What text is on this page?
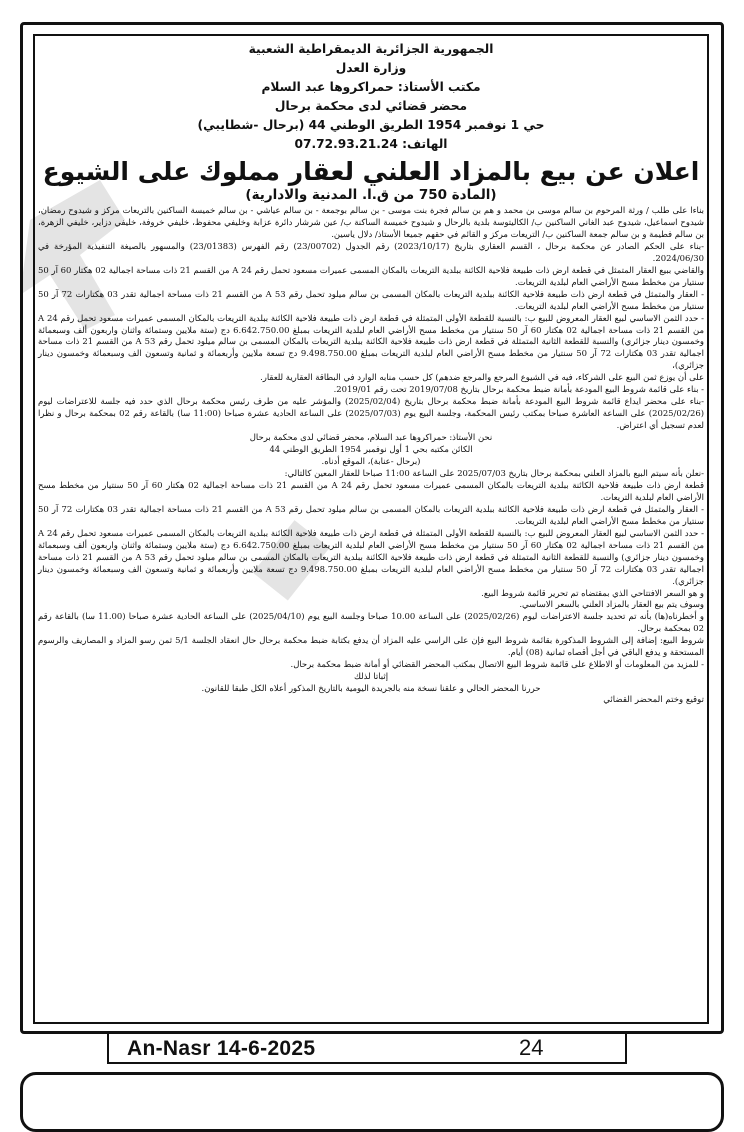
الجمهورية الجزائرية الديمقراطية الشعبية
وزارة العدل
مكتب الأستاذ: حمراكروها عبد السلام
محضر قضائي لدى محكمة برحال
حي 1 نوفمبر 1954 الطريق الوطني 44 (برحال -شطايبي)
الهاتف: 07.72.93.21.24
اعلان عن بيع بالمزاد العلني لعقار مملوك على الشيوع
(المادة 750 من ق.ا. المدنية والادارية)

بناءا على طلب / ورثة المرحوم بن سالم موسى بن محمد و هم بن سالم فجرة بنت موسى - بن سالم بوجمعة - بن سالم عياشي - بن سالم خميسة الساكنين بالتريعات مركز و شيدوح رمضان، شيدوح اسماعيل، شيدوح عبد الغاني الساكنين ب/ الكاليتوسة بلدية بالرحال و شيدوح خميسة الساكنة ب/ عين شرشار دائرة عزابة وخليفي محفوظ، خليفي خروفة، خليفي دزاير، خليفي الزهرة، بن سالم فطيمة و بن سالم جمعة الساكنين ب/ التريعات مركز و القائم في حقهم جميعا الأستاذ/ دلال ياسين.

-بناء على الحكم الصادر عن محكمة برحال ، القسم العقاري بتاريخ (2023/10/17) رقم الجدول (23/00702) رقم الفهرس (23/01383) والمسهور بالصيغة التنفيذية المؤرخة في 2024/06/30.

والقاضي ببيع العقار المتمثل في قطعة ارض ذات طبيعة فلاحية الكائنة ببلدية التريعات بالمكان المسمى عميرات مسعود تحمل رقم A 24 من القسم 21 ذات مساحة اجمالية 02 هكتار 60 آر 50 سنتيار من مخطط مسح الأراضي العام لبلدية التريعات.

- العقار والمتمثل في قطعة ارض ذات طبيعة فلاحية الكائنة ببلدية التريعات بالمكان المسمى بن سالم ميلود تحمل رقم A 53 من القسم 21 ذات مساحة اجمالية تقدر 03 هكتارات 72 آر 50 سنتيار من مخطط مسح الأراضي العام لبلدية التريعات.

- حدد الثمن الاساسي لبيع العقار المعروض للبيع ب: بالنسبة للقطعة الأولى المتمثلة في قطعة ارض ذات طبيعة فلاحية الكائنة ببلدية التريعات بالمكان المسمى عميرات مسعود تحمل رقم A 24 من القسم 21 ذات مساحة اجمالية 02 هكتار 60 آر 50 سنتيار من مخطط مسح الأراضي العام لبلدية التريعات بمبلغ 6.642.750.00 دج (ستة ملايين وستمائة واثنان واربعون ألف وسبعمائة وخمسون دينار جزائري) والنسبة للقطعة الثانية المتمثلة في قطعة ارض ذات طبيعة فلاحية الكائنة ببلدية التريعات بالمكان المسمى بن سالم ميلود تحمل رقم A 53 من القسم 21 ذات مساحة اجمالية تقدر 03 هكتارات 72 آر 50 سنتيار من مخطط مسح الأراضي العام لبلدية التريعات بمبلغ 9.498.750.00 دج تسعة ملايين وأربعمائة و ثمانية وتسعون الف وسبعمائة وخمسون دينار جزائري)،

على أن يوزع ثمن البيع على الشركاء، فيه في الشيوع المرجع والمرجع ضدهم) كل حسب منابه الوارد في البطاقة العقارية للعقار.

- بناء على قائمة شروط البيع المودعة بأمانة ضبط محكمة برحال بتاريخ 2019/07/08 تحت رقم 2019/01.

-بناء على محضر ايداع قائمة شروط البيع المودعة بأمانة ضبط محكمة برحال بتاريخ (2025/02/04) والمؤشر عليه من طرف رئيس محكمة برحال الذي حدد فيه جلسة للاعتراضات ليوم (2025/02/26) على الساعة العاشرة صباحا بمكتب رئيس المحكمة، وجلسة البيع يوم (2025/07/03) على الساعة الحادية عشرة صباحا (11:00 سا) بالقاعة رقم 02 بمحكمة برحال و نظرا لعدم تسجيل أي اعتراض.

نحن الأستاذ: حمراكروها عبد السلام، محضر قضائي لدى محكمة برحال

الكائن مكتبه بحي 1 أول نوفمبر 1954 الطريق الوطني 44

(برحال -عنابة)، الموقع أدناه.

-نعلن بأنه سيتم البيع بالمزاد العلني بمحكمة برحال بتاريخ 2025/07/03 على الساعة 11:00 صباحا للعقار المعين كالتالي:

قطعة ارض ذات طبيعة فلاحية الكائنة ببلدية التريعات بالمكان المسمى عميرات مسعود تحمل رقم A 24 من القسم 21 ذات مساحة اجمالية 02 هكتار 60 آر 50 سنتيار من مخطط مسح الأراضي العام لبلدية التريعات.

- العقار والمتمثل في قطعة ارض ذات طبيعة فلاحية الكائنة ببلدية التريعات بالمكان المسمى بن سالم ميلود تحمل رقم A 53 من القسم 21 ذات مساحة اجمالية تقدر 03 هكتارات 72 آر 50 سنتيار من مخطط مسح الأراضي العام لبلدية التريعات.

- حدد الثمن الاساسي لبيع العقار المعروض للبيع ب: بالنسبة للقطعة الأولى المتمثلة في قطعة ارض ذات طبيعة فلاحية الكائنة ببلدية التريعات بالمكان المسمى عميرات مسعود تحمل رقم A 24 من القسم 21 ذات مساحة اجمالية 02 هكتار 60 آر 50 سنتيار من مخطط مسح الأراضي العام لبلدية التريعات بمبلغ 6.642.750.00 دج (ستة ملايين وستمائة واثنان واربعون ألف وسبعمائة وخمسون دينار جزائري) والنسبة للقطعة الثانية المتمثلة في قطعة ارض ذات طبيعة فلاحية الكائنة ببلدية التريعات بالمكان المسمى بن سالم ميلود تحمل رقم A 53 من القسم 21 ذات مساحة اجمالية تقدر 03 هكتارات 72 آر 50 سنتيار من مخطط مسح الأراضي العام لبلدية التريعات بمبلغ 9.498.750.00 دج تسعة ملايين وأربعمائة و ثمانية وتسعون الف وسبعمائة وخمسون دينار جزائري).

و هو السعر الافتتاحي الذي بمقتضاه تم تحرير قائمة شروط البيع.

وسوف يتم بيع العقار بالمزاد العلني بالسعر الاساسي.

و أخطرناه(ها) بأنه تم تحديد جلسة الاعتراضات ليوم (2025/02/26) على الساعة 10.00 صباحا وجلسة البيع يوم (2025/04/10) على الساعة الحادية عشرة صباحا (11.00 سا) بالقاعة رقم 02 بمحكمة برحال.

شروط البيع: إضافة إلى الشروط المذكورة بقائمة شروط البيع فإن على الراسي عليه المزاد أن يدفع بكتابة ضبط محكمة برحال حال انعقاد الجلسة 5/1 ثمن رسو المزاد و المصاريف والرسوم المستحقة و يدفع الباقي في أجل أقصاه ثمانية (08) أيام.

- للمزيد من المعلومات أو الاطلاع على قائمة شروط البيع الاتصال بمكتب المحضر القضائي أو أمانة ضبط محكمة برحال.

إثباتا لذلك

حررنا المحضر الحالي و علقنا نسخة منه بالجريدة اليومية بالتاريخ المذكور أعلاه الكل طبقا للقانون.

توقيع وختم المحضر القضائي

An-Nasr 14-6-2025	24
